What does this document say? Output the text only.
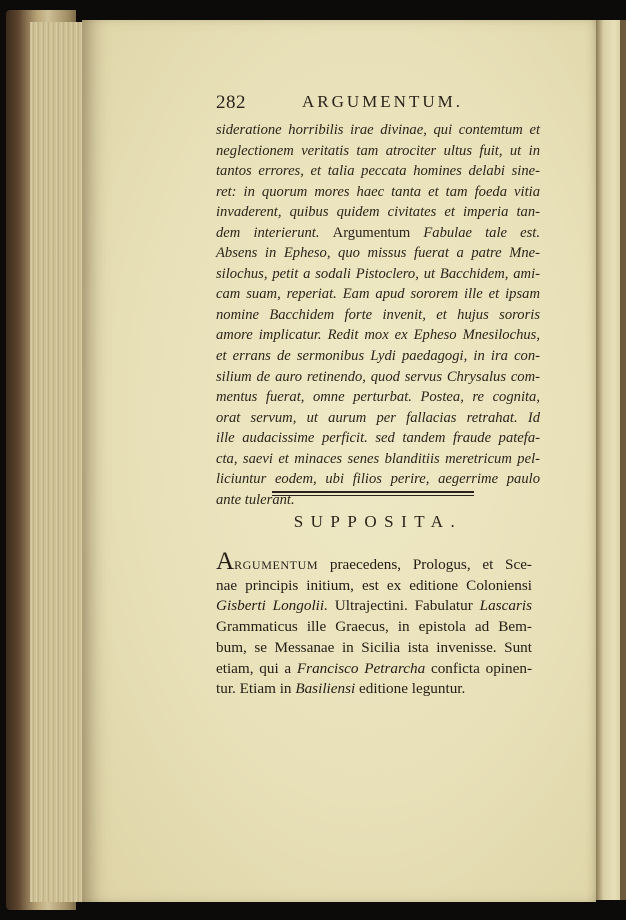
282	ARGUMENTUM.
sideratione horribilis irae divinae, qui contemtum et
neglectionem veritatis tam atrociter ultus fuit, ut in
tantos errores, et talia peccata homines delabi sine-
ret: in quorum mores haec tanta et tam foeda vitia
invaderent, quibus quidem civitates et imperia tan-
dem interierunt. Argumentum Fabulae tale est.
Absens in Epheso, quo missus fuerat a patre Mne-
silochus, petit a sodali Pistoclero, ut Bacchidem, ami-
cam suam, reperiat. Eam apud sororem ille et ipsam
nomine Bacchidem forte invenit, et hujus sororis
amore implicatur. Redit mox ex Epheso Mnesilochus,
et errans de sermonibus Lydi paedagogi, in ira con-
silium de auro retinendo, quod servus Chrysalus com-
mentus fuerat, omne perturbat. Postea, re cognita,
orat servum, ut aurum per fallacias retrahat. Id
ille audacissime perficit. sed tandem fraude patefa-
cta, saevi et minaces senes blanditiis meretricum pel-
liciuntur eodem, ubi filios perire, aegerrime paulo
ante tulerant.
SUPPOSITA.
ARGUMENTUM praecedens, Prologus, et Sce-
nae principis initium, est ex editione Coloniensi
Gisberti Longolii. Ultrajectini. Fabulatur Lascaris
Grammaticus ille Graecus, in epistola ad Bem-
bum, se Messanae in Sicilia ista invenisse. Sunt
etiam, qui a Francisco Petrarcha conficta opinen-
tur. Etiam in Basiliensi editione leguntur.
